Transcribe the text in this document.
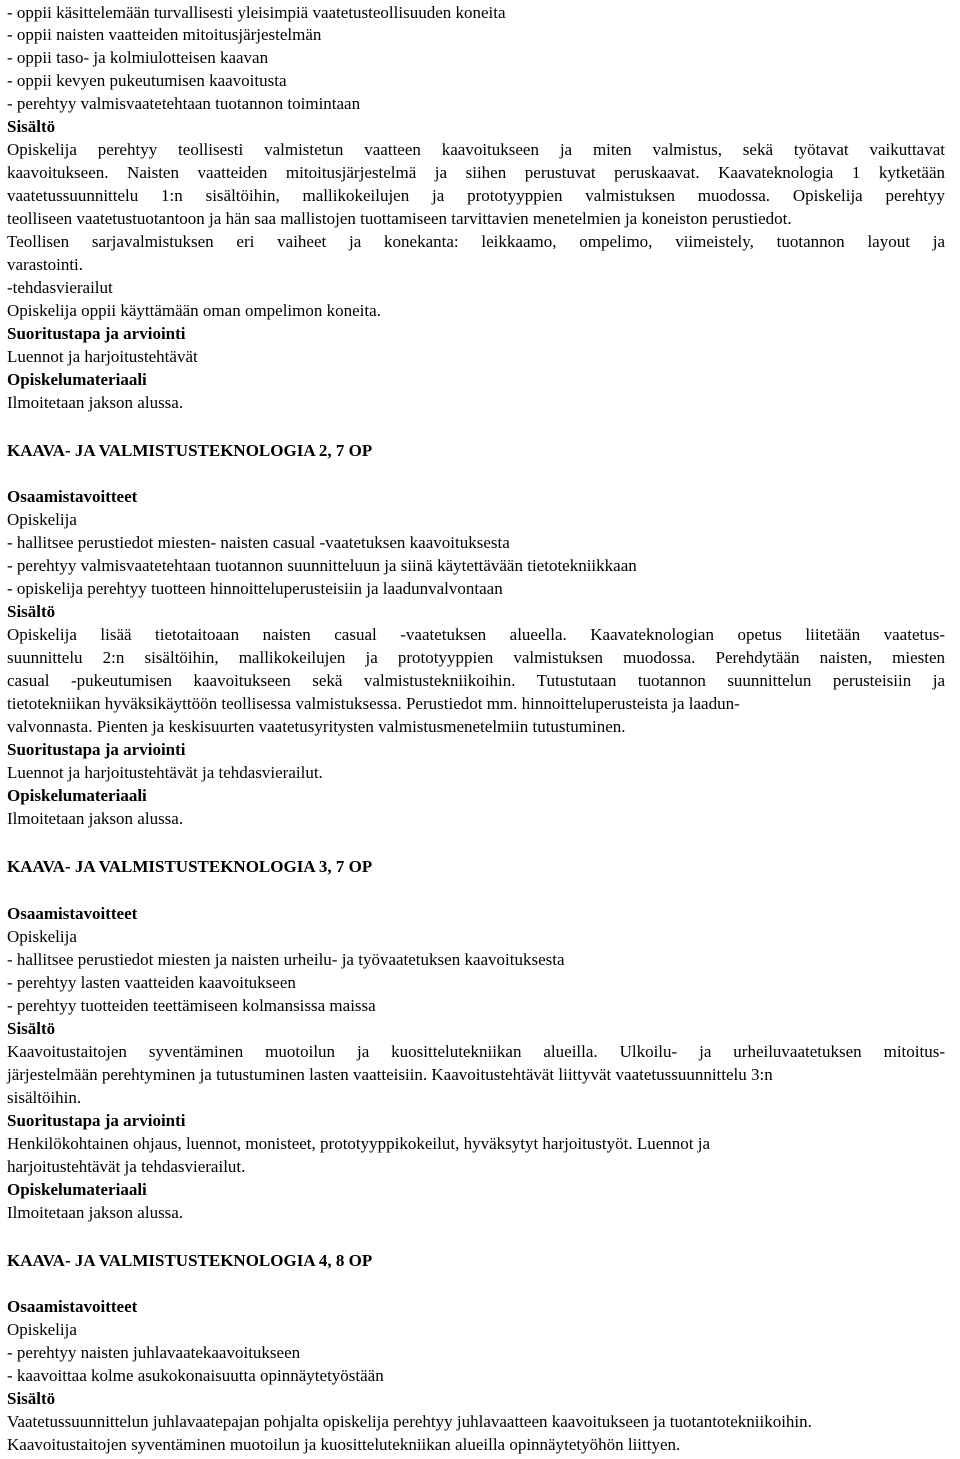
- oppii käsittelemään turvallisesti yleisimpiä vaatetusteollisuuden koneita
- oppii naisten vaatteiden mitoitusjärjestelmän
- oppii taso- ja kolmiulotteisen kaavan
- oppii kevyen pukeutumisen kaavoitusta
- perehtyy valmisvaatetehtaan tuotannon toimintaan
Sisältö
Opiskelija perehtyy teollisesti valmistetun vaatteen kaavoitukseen ja miten valmistus, sekä työtavat vaikuttavat
kaavoitukseen. Naisten vaatteiden mitoitusjärjestelmä ja siihen perustuvat peruskaavat. Kaavateknologia 1 kytketään
vaatetussuunnittelu 1:n sisältöihin, mallikokeilujen ja prototyyppien valmistuksen muodossa. Opiskelija perehtyy
teolliseen vaatetustuotantoon ja hän saa mallistojen tuottamiseen tarvittavien menetelmien ja koneiston perustiedot.
Teollisen sarjavalmistuksen eri vaiheet ja konekanta: leikkaamo, ompelimo, viimeistely, tuotannon layout ja
varastointi.
-tehdasvierailut
Opiskelija oppii käyttämään oman ompelimon koneita.
Suoritustapa ja arviointi
Luennot ja harjoitustehtävät
Opiskelumateriaali
Ilmoitetaan jakson alussa.
KAAVA- JA VALMISTUSTEKNOLOGIA 2, 7 OP
Osaamistavoitteet
Opiskelija
- hallitsee perustiedot miesten- naisten casual -vaatetuksen kaavoituksesta
- perehtyy valmisvaatetehtaan tuotannon suunnitteluun ja siinä käytettävään tietotekniikkaan
- opiskelija perehtyy tuotteen hinnoitteluperusteisiin ja laadunvalvontaan
Sisältö
Opiskelija lisää tietotaitoaan naisten casual -vaatetuksen alueella. Kaavateknologian opetus liitetään vaatetus-
suunnittelu 2:n sisältöihin, mallikokeilujen ja prototyyppien valmistuksen muodossa. Perehdytään naisten, miesten
casual -pukeutumisen kaavoitukseen sekä valmistustekniikoihin. Tutustutaan tuotannon suunnittelun perusteisiin ja
tietotekniikan hyväksikäyttöön teollisessa valmistuksessa. Perustiedot mm. hinnoitteluperusteista ja laadun-
valvonnasta. Pienten ja keskisuurten vaatetusyritysten valmistusmenetelmiin tutustuminen.
Suoritustapa ja arviointi
Luennot ja harjoitustehtävät ja tehdasvierailut.
Opiskelumateriaali
Ilmoitetaan jakson alussa.
KAAVA- JA VALMISTUSTEKNOLOGIA 3, 7 OP
Osaamistavoitteet
Opiskelija
- hallitsee perustiedot miesten ja naisten urheilu- ja työvaatetuksen kaavoituksesta
- perehtyy lasten vaatteiden kaavoitukseen
- perehtyy tuotteiden teettämiseen kolmansissa maissa
Sisältö
Kaavoitustaitojen syventäminen muotoilun ja kuosittelutekniikan alueilla. Ulkoilu- ja urheiluvaatetuksen mitoitus-
järjestelmään perehtyminen ja tutustuminen lasten vaatteisiin. Kaavoitustehtävät liittyvät vaatetussuunnittelu 3:n
sisältöihin.
Suoritustapa ja arviointi
Henkilökohtainen ohjaus, luennot, monisteet, prototyyppikokeilut, hyväksytyt harjoitustyöt. Luennot ja
harjoitustehtävät ja tehdasvierailut.
Opiskelumateriaali
Ilmoitetaan jakson alussa.
KAAVA- JA VALMISTUSTEKNOLOGIA 4, 8 OP
Osaamistavoitteet
Opiskelija
- perehtyy naisten juhlavaatekaavoitukseen
- kaavoittaa kolme asukokonaisuutta opinnäytetyöstään
Sisältö
Vaatetussuunnittelun juhlavaatepajan pohjalta opiskelija perehtyy juhlavaatteen kaavoitukseen ja tuotantotekniikoihin.
Kaavoitustaitojen syventäminen muotoilun ja kuosittelutekniikan alueilla opinnäytetyöhön liittyen.
